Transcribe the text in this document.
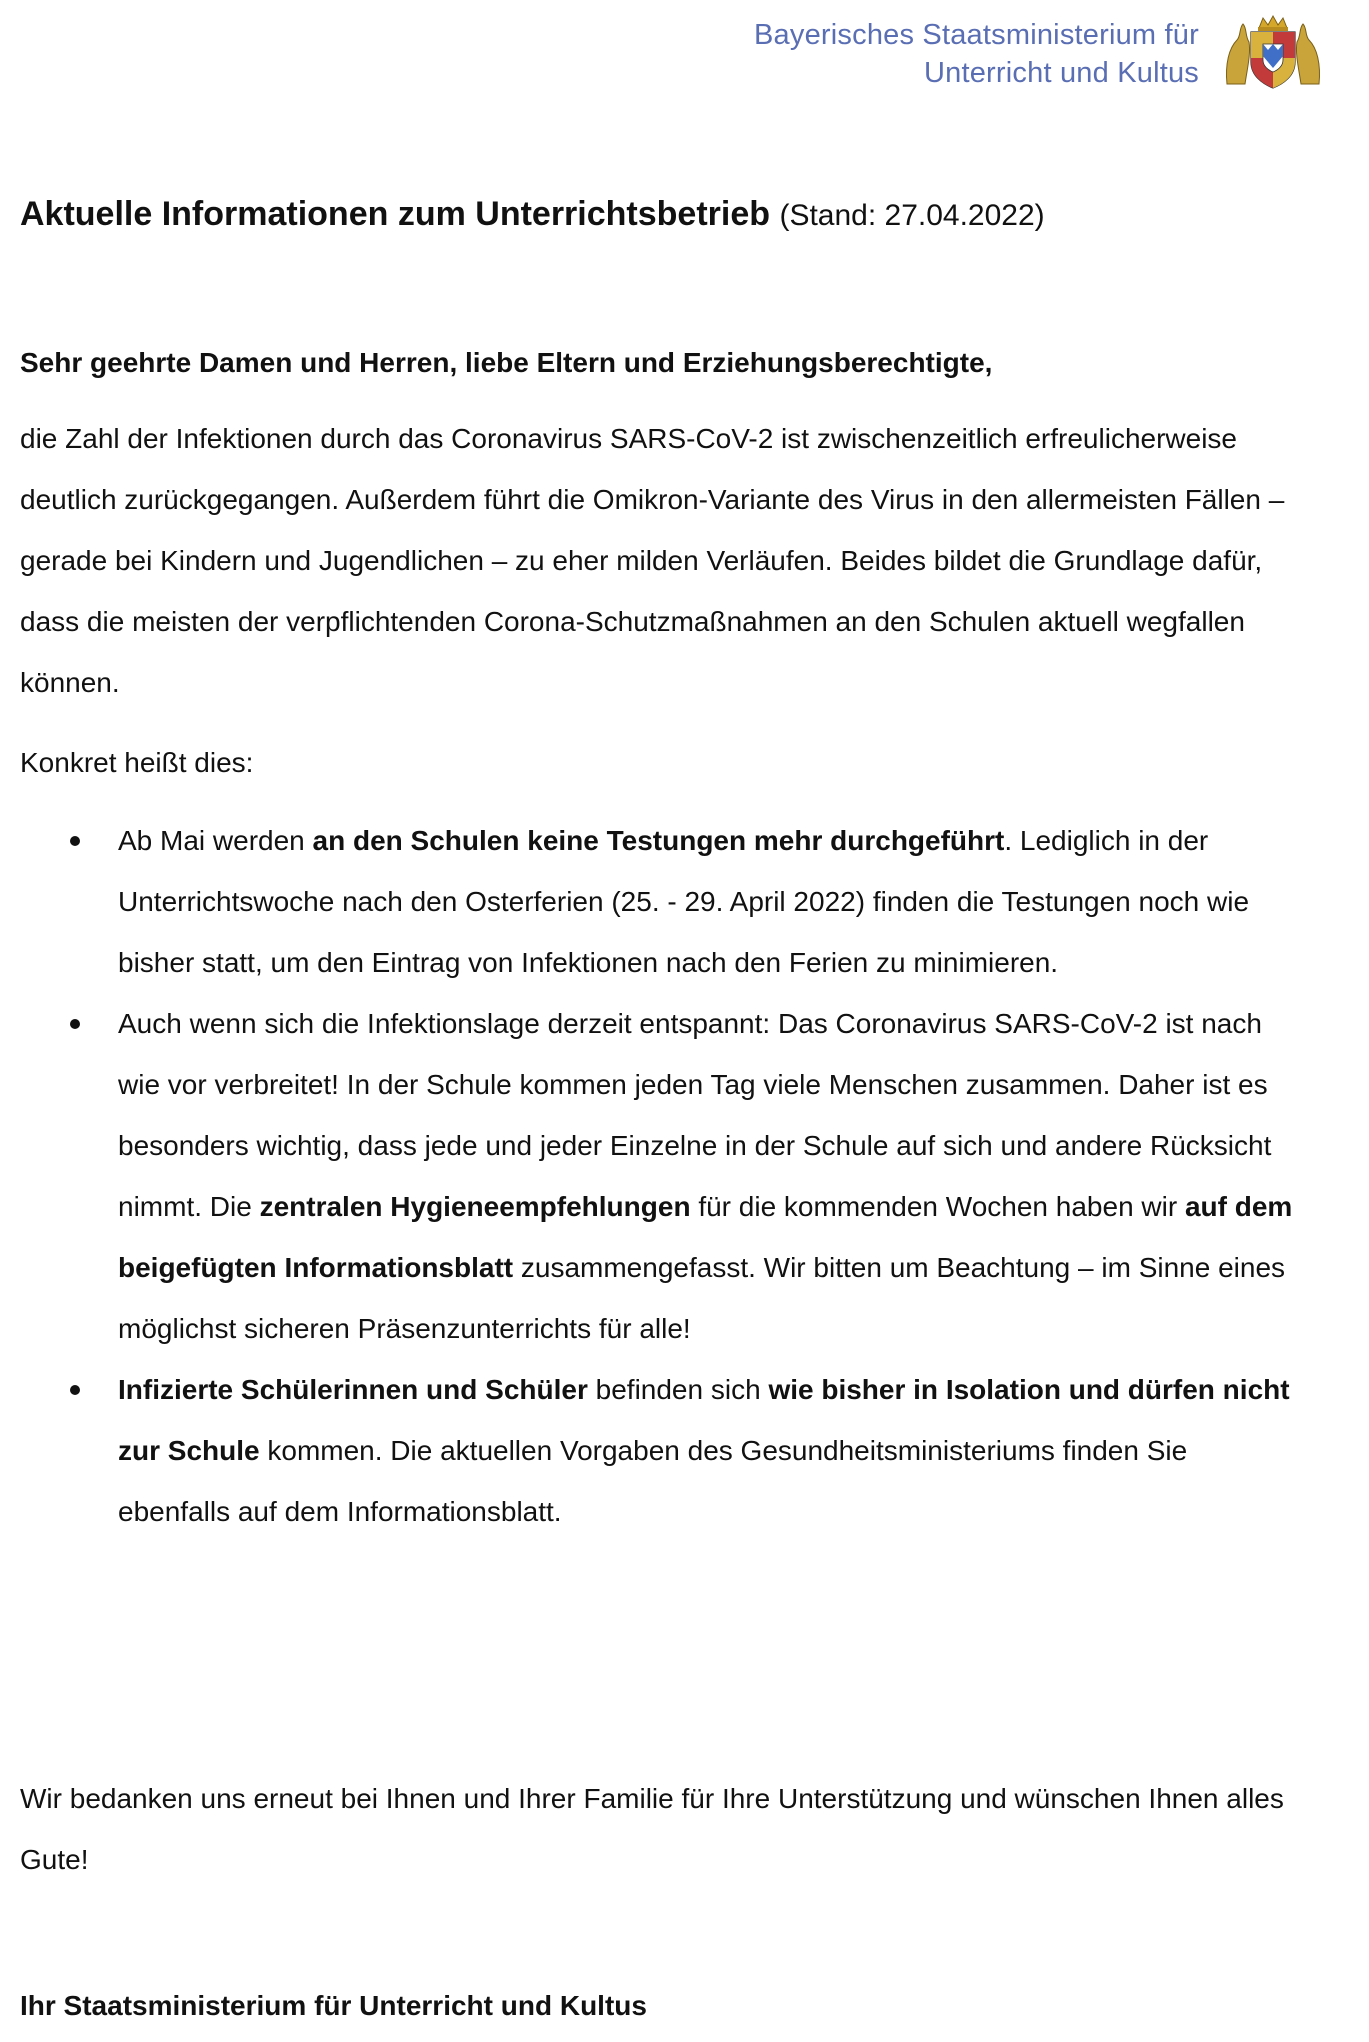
Bayerisches Staatsministerium für
Unterricht und Kultus
Aktuelle Informationen zum Unterrichtsbetrieb (Stand: 27.04.2022)
Sehr geehrte Damen und Herren, liebe Eltern und Erziehungsberechtigte,
die Zahl der Infektionen durch das Coronavirus SARS-CoV-2 ist zwischenzeitlich erfreulicherweise deutlich zurückgegangen. Außerdem führt die Omikron-Variante des Virus in den allermeisten Fällen – gerade bei Kindern und Jugendlichen – zu eher milden Verläufen. Beides bildet die Grundlage dafür, dass die meisten der verpflichtenden Corona-Schutzmaßnahmen an den Schulen aktuell wegfallen können.
Konkret heißt dies:
Ab Mai werden an den Schulen keine Testungen mehr durchgeführt. Lediglich in der Unterrichtswoche nach den Osterferien (25. - 29. April 2022) finden die Testungen noch wie bisher statt, um den Eintrag von Infektionen nach den Ferien zu minimieren.
Auch wenn sich die Infektionslage derzeit entspannt: Das Coronavirus SARS-CoV-2 ist nach wie vor verbreitet! In der Schule kommen jeden Tag viele Menschen zusammen. Daher ist es besonders wichtig, dass jede und jeder Einzelne in der Schule auf sich und andere Rücksicht nimmt. Die zentralen Hygieneempfehlungen für die kommenden Wochen haben wir auf dem beigefügten Informationsblatt zusammengefasst. Wir bitten um Beachtung – im Sinne eines möglichst sicheren Präsenzunterrichts für alle!
Infizierte Schülerinnen und Schüler befinden sich wie bisher in Isolation und dürfen nicht zur Schule kommen. Die aktuellen Vorgaben des Gesundheitsministeriums finden Sie ebenfalls auf dem Informationsblatt.
Wir bedanken uns erneut bei Ihnen und Ihrer Familie für Ihre Unterstützung und wünschen Ihnen alles Gute!
Ihr Staatsministerium für Unterricht und Kultus
